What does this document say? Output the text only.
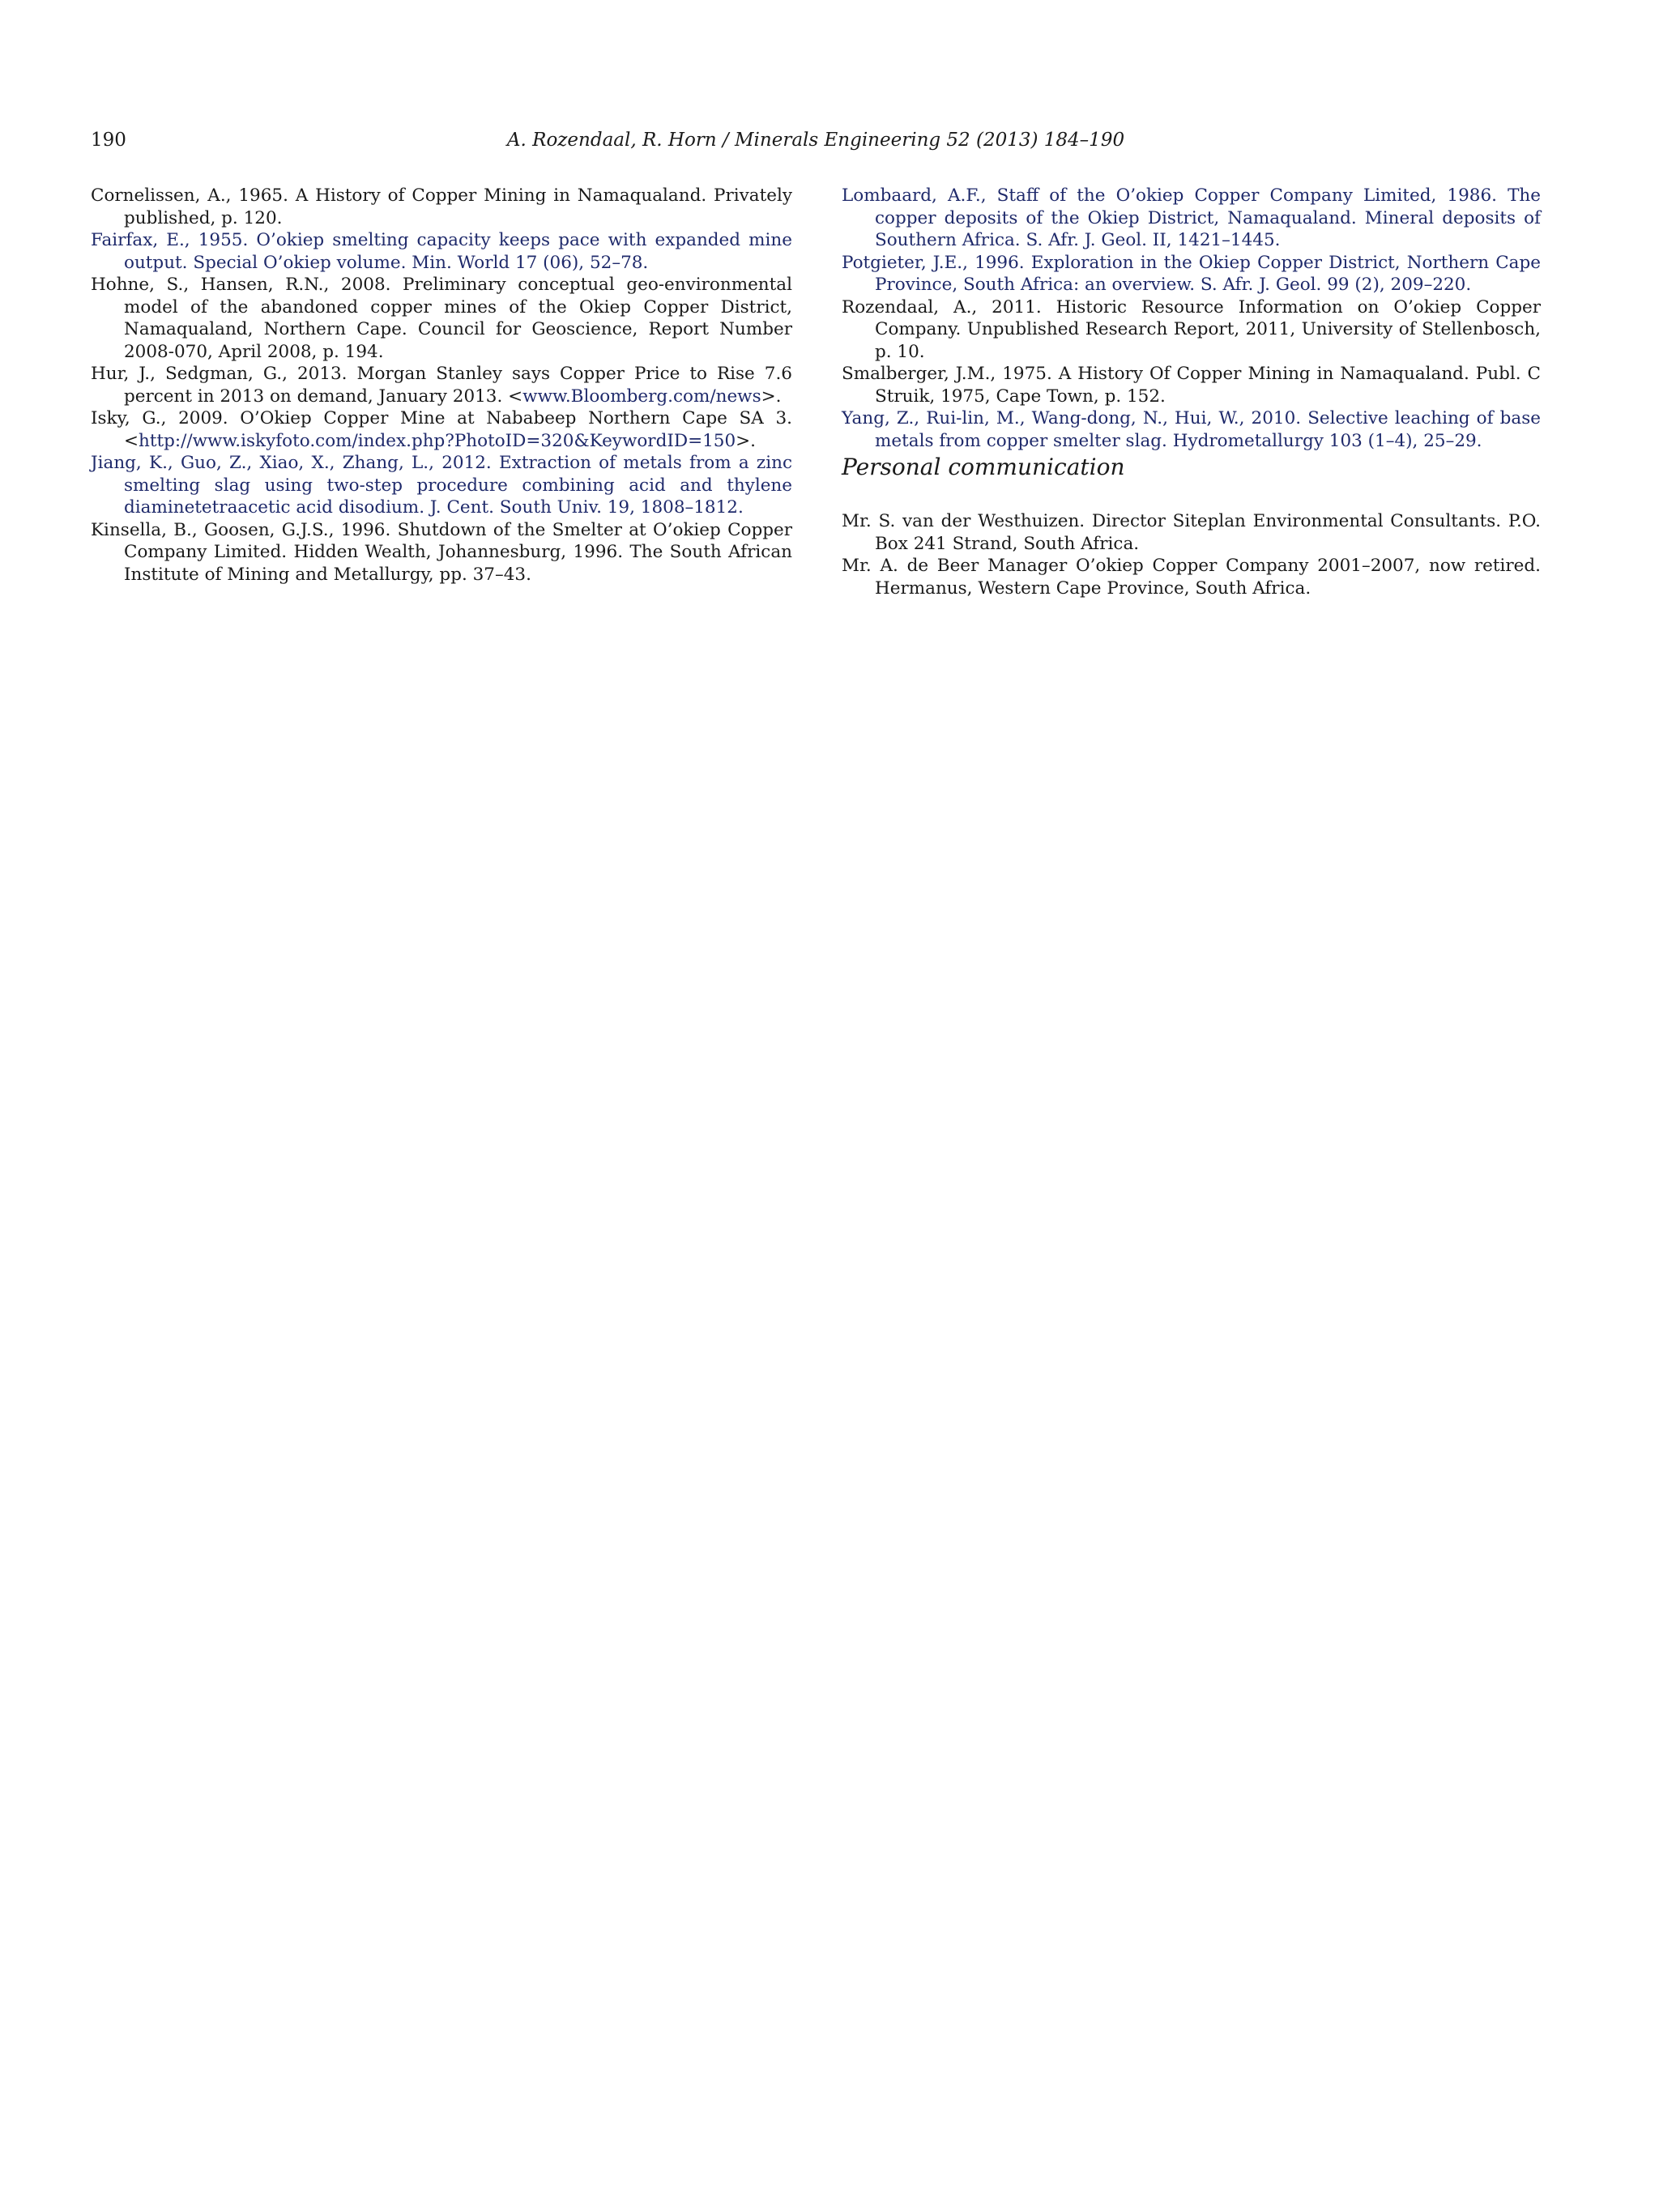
190	A. Rozendaal, R. Horn / Minerals Engineering 52 (2013) 184–190

Cornelissen, A., 1965. A History of Copper Mining in Namaqualand. Privately published, p. 120.

Fairfax, E., 1955. O’okiep smelting capacity keeps pace with expanded mine output. Special O’okiep volume. Min. World 17 (06), 52–78.

Hohne, S., Hansen, R.N., 2008. Preliminary conceptual geo-environmental model of the abandoned copper mines of the Okiep Copper District, Namaqualand, Northern Cape. Council for Geoscience, Report Number 2008-070, April 2008, p. 194.

Hur, J., Sedgman, G., 2013. Morgan Stanley says Copper Price to Rise 7.6 percent in 2013 on demand, January 2013. <www.Bloomberg.com/news>.

Isky, G., 2009. O’Okiep Copper Mine at Nababeep Northern Cape SA 3. <http://www.iskyfoto.com/index.php?PhotoID=320&KeywordID=150>.

Jiang, K., Guo, Z., Xiao, X., Zhang, L., 2012. Extraction of metals from a zinc smelting slag using two-step procedure combining acid and thylene diaminetetraacetic acid disodium. J. Cent. South Univ. 19, 1808–1812.

Kinsella, B., Goosen, G.J.S., 1996. Shutdown of the Smelter at O’okiep Copper Company Limited. Hidden Wealth, Johannesburg, 1996. The South African Institute of Mining and Metallurgy, pp. 37–43.

Lombaard, A.F., Staff of the O’okiep Copper Company Limited, 1986. The copper deposits of the Okiep District, Namaqualand. Mineral deposits of Southern Africa. S. Afr. J. Geol. II, 1421–1445.

Potgieter, J.E., 1996. Exploration in the Okiep Copper District, Northern Cape Province, South Africa: an overview. S. Afr. J. Geol. 99 (2), 209–220.

Rozendaal, A., 2011. Historic Resource Information on O’okiep Copper Company. Unpublished Research Report, 2011, University of Stellenbosch, p. 10.

Smalberger, J.M., 1975. A History Of Copper Mining in Namaqualand. Publ. C Struik, 1975, Cape Town, p. 152.

Yang, Z., Rui-lin, M., Wang-dong, N., Hui, W., 2010. Selective leaching of base metals from copper smelter slag. Hydrometallurgy 103 (1–4), 25–29.

Personal communication

Mr. S. van der Westhuizen. Director Siteplan Environmental Consultants. P.O. Box 241 Strand, South Africa.

Mr. A. de Beer Manager O’okiep Copper Company 2001–2007, now retired. Hermanus, Western Cape Province, South Africa.
